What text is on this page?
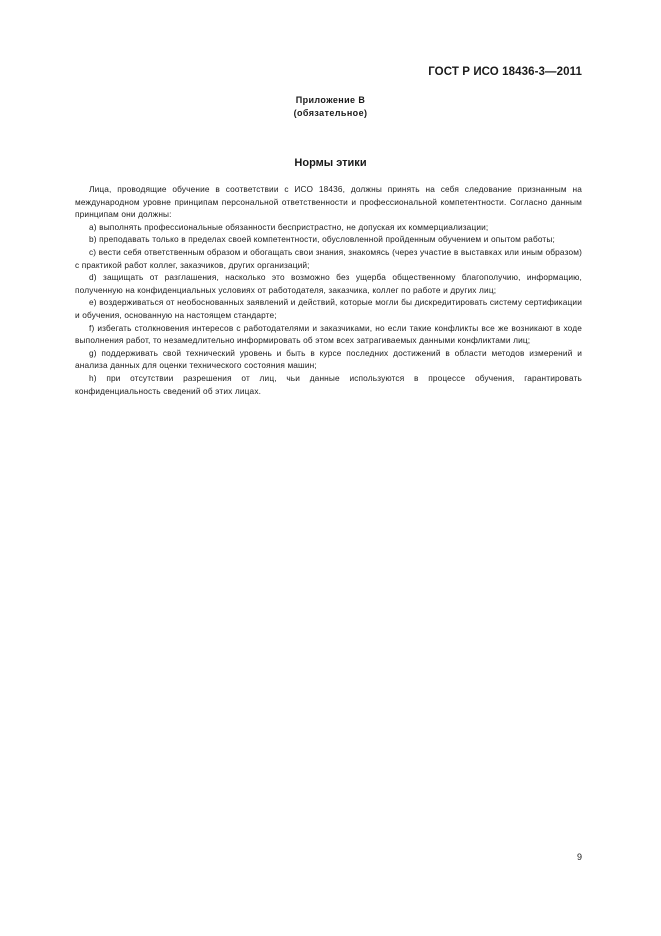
ГОСТ Р ИСО 18436-3—2011
Приложение В
(обязательное)
Нормы этики

Лица, проводящие обучение в соответствии с ИСО 18436, должны принять на себя следование признанным на международном уровне принципам персональной ответственности и профессиональной компетентности. Согласно данным принципам они должны:

а) выполнять профессиональные обязанности беспристрастно, не допуская их коммерциализации;

b) преподавать только в пределах своей компетентности, обусловленной пройденным обучением и опытом работы;

с) вести себя ответственным образом и обогащать свои знания, знакомясь (через участие в выставках или иным образом) с практикой работ коллег, заказчиков, других организаций;

d) защищать от разглашения, насколько это возможно без ущерба общественному благополучию, информацию, полученную на конфиденциальных условиях от работодателя, заказчика, коллег по работе и других лиц;

е) воздерживаться от необоснованных заявлений и действий, которые могли бы дискредитировать систему сертификации и обучения, основанную на настоящем стандарте;

f) избегать столкновения интересов с работодателями и заказчиками, но если такие конфликты все же возникают в ходе выполнения работ, то незамедлительно информировать об этом всех затрагиваемых данными конфликтами лиц;

g) поддерживать свой технический уровень и быть в курсе последних достижений в области методов измерений и анализа данных для оценки технического состояния машин;

h) при отсутствии разрешения от лиц, чьи данные используются в процессе обучения, гарантировать конфиденциальность сведений об этих лицах.

9
